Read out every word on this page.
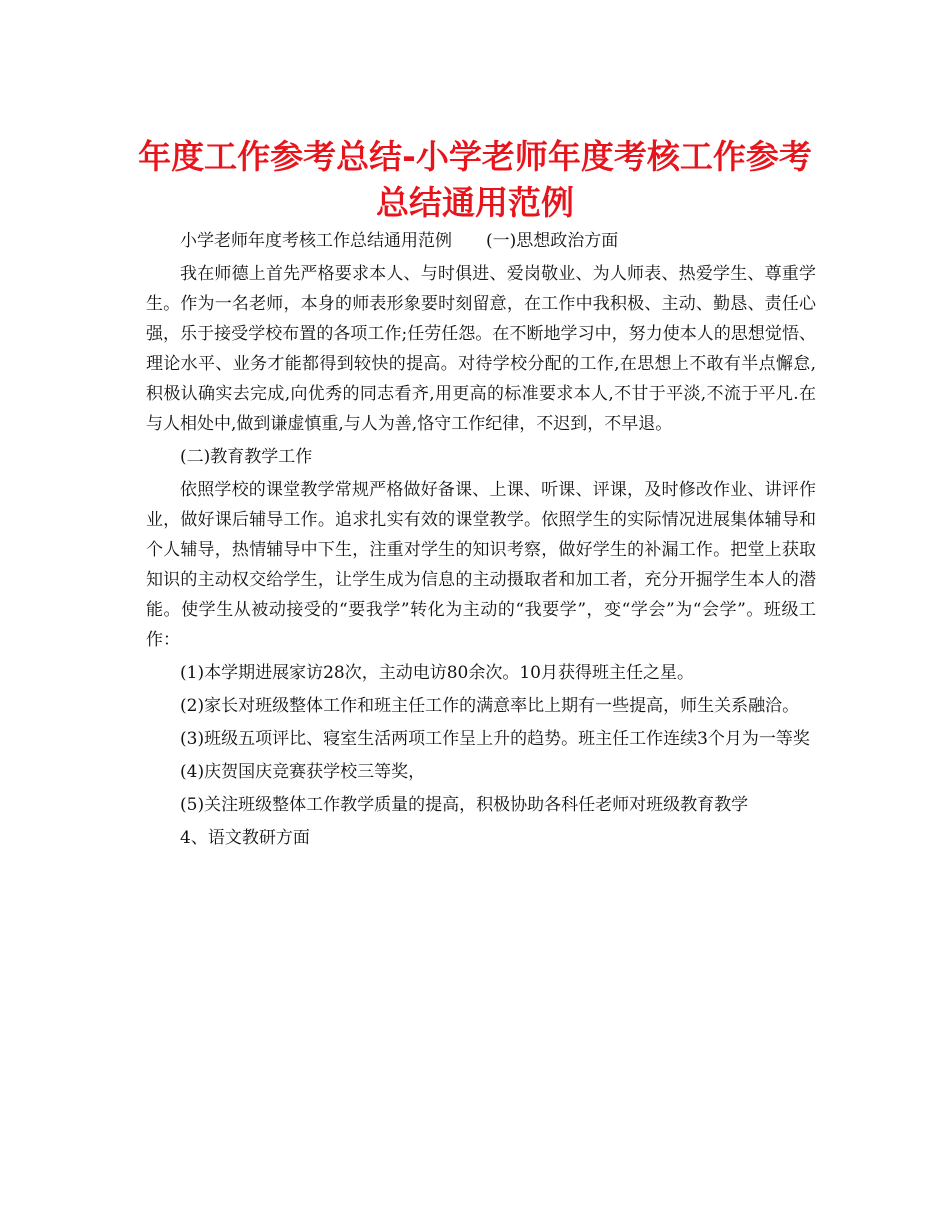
年度工作参考总结-小学老师年度考核工作参考
总结通用范例

小学老师年度考核工作总结通用范例　　(一)思想政治方面

我在师德上首先严格要求本人、与时俱进、爱岗敬业、为人师表、热爱学生、尊重学生。作为一名老师，本身的师表形象要时刻留意，在工作中我积极、主动、勤恳、责任心强，乐于接受学校布置的各项工作;任劳任怨。在不断地学习中，努力使本人的思想觉悟、理论水平、业务才能都得到较快的提高。对待学校分配的工作,在思想上不敢有半点懈怠,积极认确实去完成,向优秀的同志看齐,用更高的标准要求本人,不甘于平淡,不流于平凡.在与人相处中,做到谦虚慎重,与人为善,恪守工作纪律，不迟到，不早退。

(二)教育教学工作

依照学校的课堂教学常规严格做好备课、上课、听课、评课，及时修改作业、讲评作业，做好课后辅导工作。追求扎实有效的课堂教学。依照学生的实际情况进展集体辅导和个人辅导，热情辅导中下生，注重对学生的知识考察，做好学生的补漏工作。把堂上获取知识的主动权交给学生，让学生成为信息的主动摄取者和加工者，充分开掘学生本人的潜能。使学生从被动接受的“要我学”转化为主动的“我要学”，变“学会”为“会学”。班级工作：

(1)本学期进展家访28次，主动电访80余次。10月获得班主任之星。

(2)家长对班级整体工作和班主任工作的满意率比上期有一些提高，师生关系融洽。

(3)班级五项评比、寝室生活两项工作呈上升的趋势。班主任工作连续3个月为一等奖

(4)庆贺国庆竞赛获学校三等奖，

(5)关注班级整体工作教学质量的提高，积极协助各科任老师对班级教育教学

4、语文教研方面
